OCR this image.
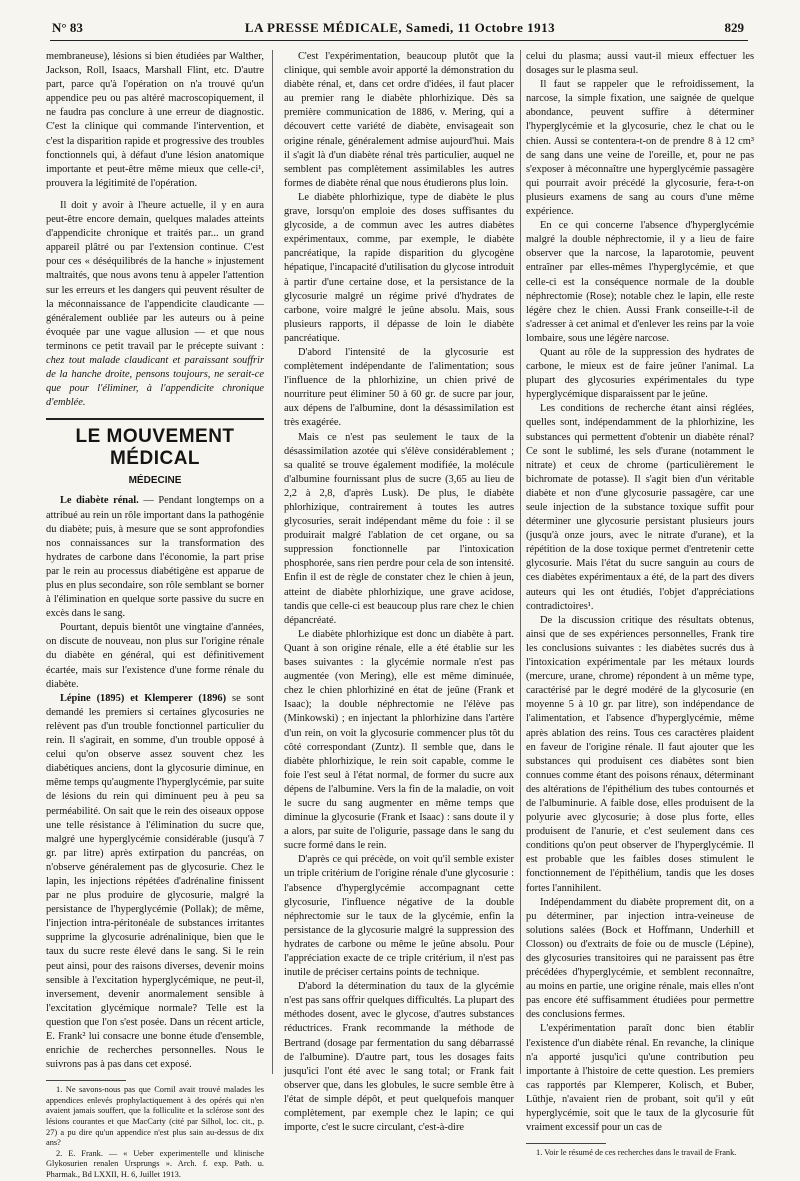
N° 83	LA PRESSE MÉDICALE, Samedi, 11 Octobre 1913	829

membraneuse), lésions si bien étudiées par Walther, Jackson, Roll, Isaacs, Marshall Flint, etc. D'autre part, parce qu'à l'opération on n'a trouvé qu'un appendice peu ou pas altéré macroscopiquement, il ne faudra pas conclure à une erreur de diagnostic. C'est la clinique qui commande l'intervention, et c'est la disparition rapide et progressive des troubles fonctionnels qui, à défaut d'une lésion anatomique importante et peut-être même mieux que celle-ci¹, prouvera la légitimité de l'opération.

Il doit y avoir à l'heure actuelle, il y en aura peut-être encore demain, quelques malades atteints d'appendicite chronique et traités par... un grand appareil plâtré ou par l'extension continue. C'est pour ces « déséquilibrés de la hanche » injustement maltraités, que nous avons tenu à appeler l'attention sur les erreurs et les dangers qui peuvent résulter de la méconnaissance de l'appendicite claudicante — généralement oubliée par les auteurs ou à peine évoquée par une vague allusion — et que nous terminons ce petit travail par le précepte suivant : chez tout malade claudicant et paraissant souffrir de la hanche droite, pensons toujours, ne serait-ce que pour l'éliminer, à l'appendicite chronique d'emblée.

LE MOUVEMENT MÉDICAL
MÉDECINE

Le diabète rénal. — Pendant longtemps on a attribué au rein un rôle important dans la pathogénie du diabète; puis, à mesure que se sont approfondies nos connaissances sur la transformation des hydrates de carbone dans l'économie, la part prise par le rein au processus diabétigène est apparue de plus en plus secondaire, son rôle semblant se borner à l'élimination en quelque sorte passive du sucre en excès dans le sang.

Pourtant, depuis bientôt une vingtaine d'années, on discute de nouveau, non plus sur l'origine rénale du diabète en général, qui est définitivement écartée, mais sur l'existence d'une forme rénale du diabète.

Lépine (1895) et Klemperer (1896) se sont demandé les premiers si certaines glycosuries ne relèvent pas d'un trouble fonctionnel particulier du rein. Il s'agirait, en somme, d'un trouble opposé à celui qu'on observe assez souvent chez les diabétiques anciens, dont la glycosurie diminue, en même temps qu'augmente l'hyperglycémie, par suite de lésions du rein qui diminuent peu à peu sa perméabilité. On sait que le rein des oiseaux oppose une telle résistance à l'élimination du sucre que, malgré une hyperglycémie considérable (jusqu'à 7 gr. par litre) après extirpation du pancréas, on n'observe généralement pas de glycosurie. Chez le lapin, les injections répétées d'adrénaline finissent par ne plus produire de glycosurie, malgré la persistance de l'hyperglycémie (Pollak); de même, l'injection intra-péritonéale de substances irritantes supprime la glycosurie adrénalinique, bien que le taux du sucre reste élevé dans le sang. Si le rein peut ainsi, pour des raisons diverses, devenir moins sensible à l'excitation hyperglycémique, ne peut-il, inversement, devenir anormalement sensible à l'excitation glycémique normale? Telle est la question que l'on s'est posée. Dans un récent article, E. Frank² lui consacre une bonne étude d'ensemble, enrichie de recherches personnelles. Nous le suivrons pas à pas dans cet exposé.

1. Ne savons-nous pas que Cornil avait trouvé malades les appendices enlevés prophylactiquement à des opérés qui n'en avaient jamais souffert, que la folliculite et la sclérose sont des lésions courantes et que MacCarty (cité par Silhol, loc. cit., p. 27) a pu dire qu'un appendice n'est plus sain au-dessus de dix ans?

2. E. Frank. — « Ueber experimentelle und klinische Glykosurien renalen Ursprungs ». Arch. f. exp. Path. u. Pharmak., Bd LXXII, H. 6, Juillet 1913.

C'est l'expérimentation, beaucoup plutôt que la clinique, qui semble avoir apporté la démonstration du diabète rénal, et, dans cet ordre d'idées, il faut placer au premier rang le diabète phlorhizique. Dès sa première communication de 1886, v. Mering, qui a découvert cette variété de diabète, envisageait son origine rénale, généralement admise aujourd'hui. Mais il s'agit là d'un diabète rénal très particulier, auquel ne semblent pas complètement assimilables les autres formes de diabète rénal que nous étudierons plus loin.

Le diabète phlorhizique, type de diabète le plus grave, lorsqu'on emploie des doses suffisantes du glycoside, a de commun avec les autres diabètes expérimentaux, comme, par exemple, le diabète pancréatique, la rapide disparition du glycogène hépatique, l'incapacité d'utilisation du glycose introduit à partir d'une certaine dose, et la persistance de la glycosurie malgré un régime privé d'hydrates de carbone, voire malgré le jeûne absolu. Mais, sous plusieurs rapports, il dépasse de loin le diabète pancréatique.

D'abord l'intensité de la glycosurie est complètement indépendante de l'alimentation; sous l'influence de la phlorhizine, un chien privé de nourriture peut éliminer 50 à 60 gr. de sucre par jour, aux dépens de l'albumine, dont la désassimilation est très exagérée.

Mais ce n'est pas seulement le taux de la désassimilation azotée qui s'élève considérablement ; sa qualité se trouve également modifiée, la molécule d'albumine fournissant plus de sucre (3,65 au lieu de 2,2 à 2,8, d'après Lusk). De plus, le diabète phlorhizique, contrairement à toutes les autres glycosuries, serait indépendant même du foie : il se produirait malgré l'ablation de cet organe, ou sa suppression fonctionnelle par l'intoxication phosphorée, sans rien perdre pour cela de son intensité. Enfin il est de règle de constater chez le chien à jeun, atteint de diabète phlorhizique, une grave acidose, tandis que celle-ci est beaucoup plus rare chez le chien dépancréaté.

Le diabète phlorhizique est donc un diabète à part. Quant à son origine rénale, elle a été établie sur les bases suivantes : la glycémie normale n'est pas augmentée (von Mering), elle est même diminuée, chez le chien phlorhiziné en état de jeûne (Frank et Isaac); la double néphrectomie ne l'élève pas (Minkowski) ; en injectant la phlorhizine dans l'artère d'un rein, on voit la glycosurie commencer plus tôt du côté correspondant (Zuntz). Il semble que, dans le diabète phlorhizique, le rein soit capable, comme le foie l'est seul à l'état normal, de former du sucre aux dépens de l'albumine. Vers la fin de la maladie, on voit le sucre du sang augmenter en même temps que diminue la glycosurie (Frank et Isaac) : sans doute il y a alors, par suite de l'oligurie, passage dans le sang du sucre formé dans le rein.

D'après ce qui précède, on voit qu'il semble exister un triple critérium de l'origine rénale d'une glycosurie : l'absence d'hyperglycémie accompagnant cette glycosurie, l'influence négative de la double néphrectomie sur le taux de la glycémie, enfin la persistance de la glycosurie malgré la suppression des hydrates de carbone ou même le jeûne absolu. Pour l'appréciation exacte de ce triple critérium, il n'est pas inutile de préciser certains points de technique.

D'abord la détermination du taux de la glycémie n'est pas sans offrir quelques difficultés. La plupart des méthodes dosent, avec le glycose, d'autres substances réductrices. Frank recommande la méthode de Bertrand (dosage par fermentation du sang débarrassé de l'albumine). D'autre part, tous les dosages faits jusqu'ici l'ont été avec le sang total; or Frank fait observer que, dans les globules, le sucre semble être à l'état de simple dépôt, et peut quelquefois manquer complètement, par exemple chez le lapin; ce qui importe, c'est le sucre circulant, c'est-à-dire

celui du plasma; aussi vaut-il mieux effectuer les dosages sur le plasma seul.

Il faut se rappeler que le refroidissement, la narcose, la simple fixation, une saignée de quelque abondance, peuvent suffire à déterminer l'hyperglycémie et la glycosurie, chez le chat ou le chien. Aussi se contentera-t-on de prendre 8 à 12 cm³ de sang dans une veine de l'oreille, et, pour ne pas s'exposer à méconnaître une hyperglycémie passagère qui pourrait avoir précédé la glycosurie, fera-t-on plusieurs examens de sang au cours d'une même expérience.

En ce qui concerne l'absence d'hyperglycémie malgré la double néphrectomie, il y a lieu de faire observer que la narcose, la laparotomie, peuvent entraîner par elles-mêmes l'hyperglycémie, et que celle-ci est la conséquence normale de la double néphrectomie (Rose); notable chez le lapin, elle reste légère chez le chien. Aussi Frank conseille-t-il de s'adresser à cet animal et d'enlever les reins par la voie lombaire, sous une légère narcose.

Quant au rôle de la suppression des hydrates de carbone, le mieux est de faire jeûner l'animal. La plupart des glycosuries expérimentales du type hyperglycémique disparaissent par le jeûne.

Les conditions de recherche étant ainsi réglées, quelles sont, indépendamment de la phlorhizine, les substances qui permettent d'obtenir un diabète rénal? Ce sont le sublimé, les sels d'urane (notamment le nitrate) et ceux de chrome (particulièrement le bichromate de potasse). Il s'agit bien d'un véritable diabète et non d'une glycosurie passagère, car une seule injection de la substance toxique suffit pour déterminer une glycosurie persistant plusieurs jours (jusqu'à onze jours, avec le nitrate d'urane), et la répétition de la dose toxique permet d'entretenir cette glycosurie. Mais l'état du sucre sanguin au cours de ces diabètes expérimentaux a été, de la part des divers auteurs qui les ont étudiés, l'objet d'appréciations contradictoires¹.

De la discussion critique des résultats obtenus, ainsi que de ses expériences personnelles, Frank tire les conclusions suivantes : les diabètes sucrés dus à l'intoxication expérimentale par les métaux lourds (mercure, urane, chrome) répondent à un même type, caractérisé par le degré modéré de la glycosurie (en moyenne 5 à 10 gr. par litre), son indépendance de l'alimentation, et l'absence d'hyperglycémie, même après ablation des reins. Tous ces caractères plaident en faveur de l'origine rénale. Il faut ajouter que les substances qui produisent ces diabètes sont bien connues comme étant des poisons rénaux, déterminant des altérations de l'épithélium des tubes contournés et de l'albuminurie. A faible dose, elles produisent de la polyurie avec glycosurie; à dose plus forte, elles produisent de l'anurie, et c'est seulement dans ces conditions qu'on peut observer de l'hyperglycémie. Il est probable que les faibles doses stimulent le fonctionnement de l'épithélium, tandis que les doses fortes l'annihilent.

Indépendamment du diabète proprement dit, on a pu déterminer, par injection intra-veineuse de solutions salées (Bock et Hoffmann, Underhill et Closson) ou d'extraits de foie ou de muscle (Lépine), des glycosuries transitoires qui ne paraissent pas être précédées d'hyperglycémie, et semblent reconnaître, au moins en partie, une origine rénale, mais elles n'ont pas encore été suffisamment étudiées pour permettre des conclusions fermes.

L'expérimentation paraît donc bien établir l'existence d'un diabète rénal. En revanche, la clinique n'a apporté jusqu'ici qu'une contribution peu importante à l'histoire de cette question. Les premiers cas rapportés par Klemperer, Kolisch, et Buber, Lüthje, n'avaient rien de probant, soit qu'il y eût hyperglycémie, soit que le taux de la glycosurie fût vraiment excessif pour un cas de

1. Voir le résumé de ces recherches dans le travail de Frank.
